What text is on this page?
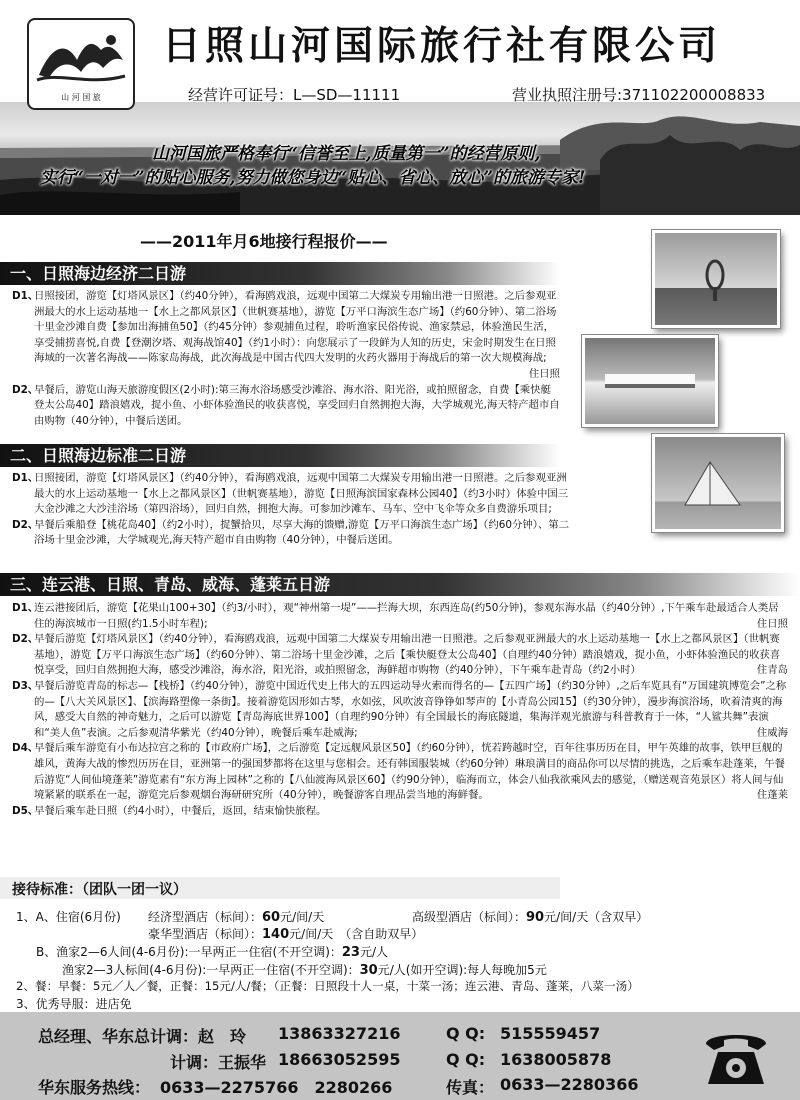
山 河 国 旅
日照山河国际旅行社有限公司
经营许可证号：L—SD—11111	营业执照注册号:371102200008833
山河国旅严格奉行“信誉至上,质量第一”的经营原则,
实行“一对一”的贴心服务,努力做您身边“贴心、省心、放心”的旅游专家!
——2011年月6地接行程报价——
一、日照海边经济二日游
D1、
日照接团，游览【灯塔风景区】（约40分钟），看海鸥戏浪，远观中国第二大煤炭专用输出港一日照港。之后参观亚洲最大的水上运动基地一【水上之都风景区】（世帆赛基地），游览【万平口海滨生态广场】（约60分钟）、第二浴场十里金沙滩自费【参加出海捕鱼50】（约45分钟）参观捕鱼过程，聆听渔家民俗传说、渔家禁忌，体验渔民生活，享受捕捞喜悦,自费【登潮汐塔、观海战馆40】（约1小时）：向您展示了一段鲜为人知的历史，宋金时期发生在日照海域的一次著名海战——陈家岛海战，此次海战是中国古代四大发明的火药火器用于海战后的第一次大规模海战;
住日照
D2、
早餐后，游览山海天旅游度假区(2小时):第三海水浴场感受沙滩浴、海水浴、阳光浴，或拍照留念，自费【乘快艇登太公岛40】踏浪嬉戏，捉小鱼、小虾体验渔民的收获喜悦，享受回归自然拥抱大海，大学城观光,海天特产超市自由购物（40分钟），中餐后送团。
二、日照海边标准二日游
D1、
日照接团，游览【灯塔风景区】（约40分钟），看海鸥戏浪，远观中国第二大煤炭专用输出港一日照港。之后参观亚洲最大的水上运动基地一【水上之都风景区】（世帆赛基地），游览【日照海滨国家森林公园40】（约3小时）体验中国三大金沙滩之大沙洼浴场（第四浴场），回归自然，拥抱大海。可参加沙滩车、马车、空中飞伞等众多自费游乐项目;
D2、
早餐后乘船登【桃花岛40】（约2小时），捉蟹拾贝，尽享大海的馈赠,游览【万平口海滨生态广场】（约60分钟）、第二浴场十里金沙滩，大学城观光,海天特产超市自由购物（40分钟），中餐后送团。
三、连云港、日照、青岛、威海、蓬莱五日游
D1、
连云港接团后，游览【花果山100+30】（约3/小时），观“神州第一堤”——拦海大坝，东西连岛(约50分钟)，参观东海水晶（约40分钟）,下午乘车赴最适合人类居住的海滨城市一日照(约1.5小时车程);	住日照
D2、
早餐后游览【灯塔风景区】（约40分钟），看海鸥戏浪，远观中国第二大煤炭专用输出港一日照港。之后参观亚洲最大的水上运动基地一【水上之都风景区】（世帆赛基地），游览【万平口海滨生态广场】（约60分钟）、第二浴场十里金沙滩，之后【乘快艇登太公岛40】（自理约40分钟）踏浪嬉戏，捉小鱼，小虾体验渔民的收获喜悦享受，回归自然拥抱大海，感受沙滩浴，海水浴，阳光浴，或拍照留念，海鲜超市购物（约40分钟），下午乘车赴青岛（约2小时）	住青岛
D3、
早餐后游览青岛的标志—【栈桥】（约40分钟），游览中国近代史上伟大的五四运动导火索而得名的—【五四广场】（约30分钟）,之后车览具有“万国建筑博览会”之称的—【八大关风景区】、【滨海路塑像一条街】。接着游览因形如古琴，水如弦，风吹波音铮铮如琴声的【小青岛公园15】（约30分钟），漫步海滨浴场，吹着清爽的海风，感受大自然的神奇魅力，之后可以游览【青岛海底世界100】（自理约90分钟）有全国最长的海底隧道，集海洋观光旅游与科普教育于一体，“人鲨共舞”表演和“美人鱼”表演。之后参观清华紫光（约40分钟），晚餐后乘车赴威海;	住威海
D4、
早餐后乘车游览有小布达拉宫之称的【市政府广场】，之后游览【定远舰风景区50】（约60分钟），恍若跨越时空，百年往事历历在目，甲午英雄的故事，铁甲巨舰的雄风，黄海大战的惨烈历历在目，亚洲第一的强国梦都将在这里与您相会。还有韩国服装城（约60分钟）琳琅满目的商品你可以尽情的挑选，之后乘车赴蓬莱，午餐后游览“人间仙境蓬莱”游览素有“东方海上园林”之称的【八仙渡海风景区60】（约90分钟），临海而立，体会八仙我欲乘风去的感觉，（赠送观音苑景区）将人间与仙境紧紧的联系在一起，游览完后参观烟台海研研究所（40分钟），晚餐游客自理品尝当地的海鲜餐。	住蓬莱
D5、
早餐后乘车赴日照（约4小时），中餐后，返回，结束愉快旅程。
接待标准：（团队一团一议）
1、A、住宿(6月份) 经济型酒店（标间）：60元/间/天	高级型酒店（标间）：90元/间/天（含双早）
豪华型酒店（标间）：140元/间/天　（含自助双早）
B、渔家2—6人间(4-6月份):一早两正一住宿(不开空调)：23元/人
渔家2—3人标间(4-6月份):一早两正一住宿(不开空调)：30元/人(如开空调):每人每晚加5元
2、餐：早餐：5元／人／餐，正餐：15元/人/餐；（正餐：日照段十人一桌，十菜一汤；连云港、青岛、蓬莱，八菜一汤）
3、优秀导服：进店免
总经理、华东总计调：赵　玲 13863327216	Q Q: 515559457
计调：王振华 18663052595	Q Q: 1638005878
华东服务热线： 0633—2275766　2280266	传真： 0633—2280366
